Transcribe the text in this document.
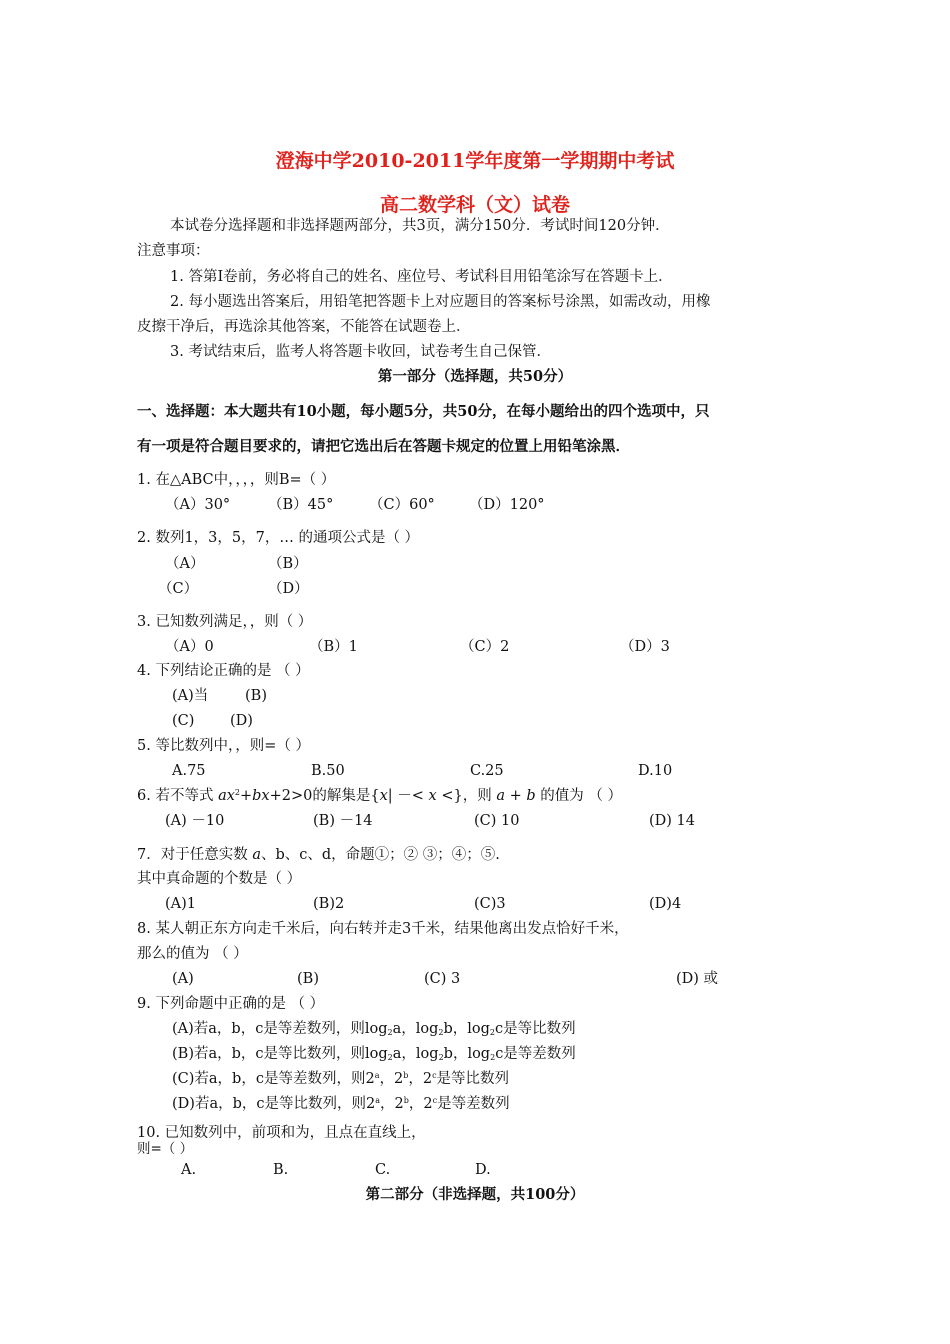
澄海中学2010-2011学年度第一学期期中考试
高二数学科（文）试卷
本试卷分选择题和非选择题两部分，共3页，满分150分．考试时间120分钟．
注意事项：
1. 答第Ⅰ卷前，务必将自己的姓名、座位号、考试科目用铅笔涂写在答题卡上．
2. 每小题选出答案后，用铅笔把答题卡上对应题目的答案标号涂黑，如需改动，用橡
皮擦干净后，再选涂其他答案，不能答在试题卷上．
3. 考试结束后，监考人将答题卡收回，试卷考生自己保管．
第一部分（选择题，共50分）
一、选择题：本大题共有10小题，每小题5分，共50分，在每小题给出的四个选项中，只
有一项是符合题目要求的，请把它选出后在答题卡规定的位置上用铅笔涂黑．
1. 在△ABC中，，，，则B=（ ）
（A）30°	（B）45° （C）60° （D）120°
2. 数列1，3，5，7，… 的通项公式是（ ）
（A）	（B）
（C）	（D）
3. 已知数列满足，，则（ ）
（A）0	（B）1	（C）2	（D）3
4. 下列结论正确的是 （ ）
(A)当	(B)
(C) (D)
5. 等比数列中，，则=（ ）
A.75	B.50	C.25	D.10
6. 若不等式 $ax^2+bx+2>0$的解集是{x| －< x <}，则 a + b 的值为 （ ）
(A) －10	(B) －14	(C) 10	(D) 14
7．对于任意实数 a、b、c、d，命题①；② ③；④；⑤.
其中真命题的个数是（ ）
(A)1	(B)2	(C)3	(D)4
8. 某人朝正东方向走千米后，向右转并走3千米，结果他离出发点恰好千米，
那么的值为 （ ）
(A)	(B)	(C) 3	(D) 或
9. 下列命题中正确的是 （ ）
(A)若a，b，c是等差数列，则$\log_2a$，$\log_2b$，$\log_2c$是等比数列
(B)若a，b，c是等比数列，则$\log_2a$，$\log_2b$，$\log_2c$是等差数列
(C)若a，b，c是等差数列，则2$^a$，2$^b$，2$^c$是等比数列
(D)若a，b，c是等比数列，则2$^a$，2$^b$，2$^c$是等差数列
10. 已知数列中，前项和为，且点在直线上，
则=（ ）
A.	B.	C.	D.
第二部分（非选择题，共100分）
